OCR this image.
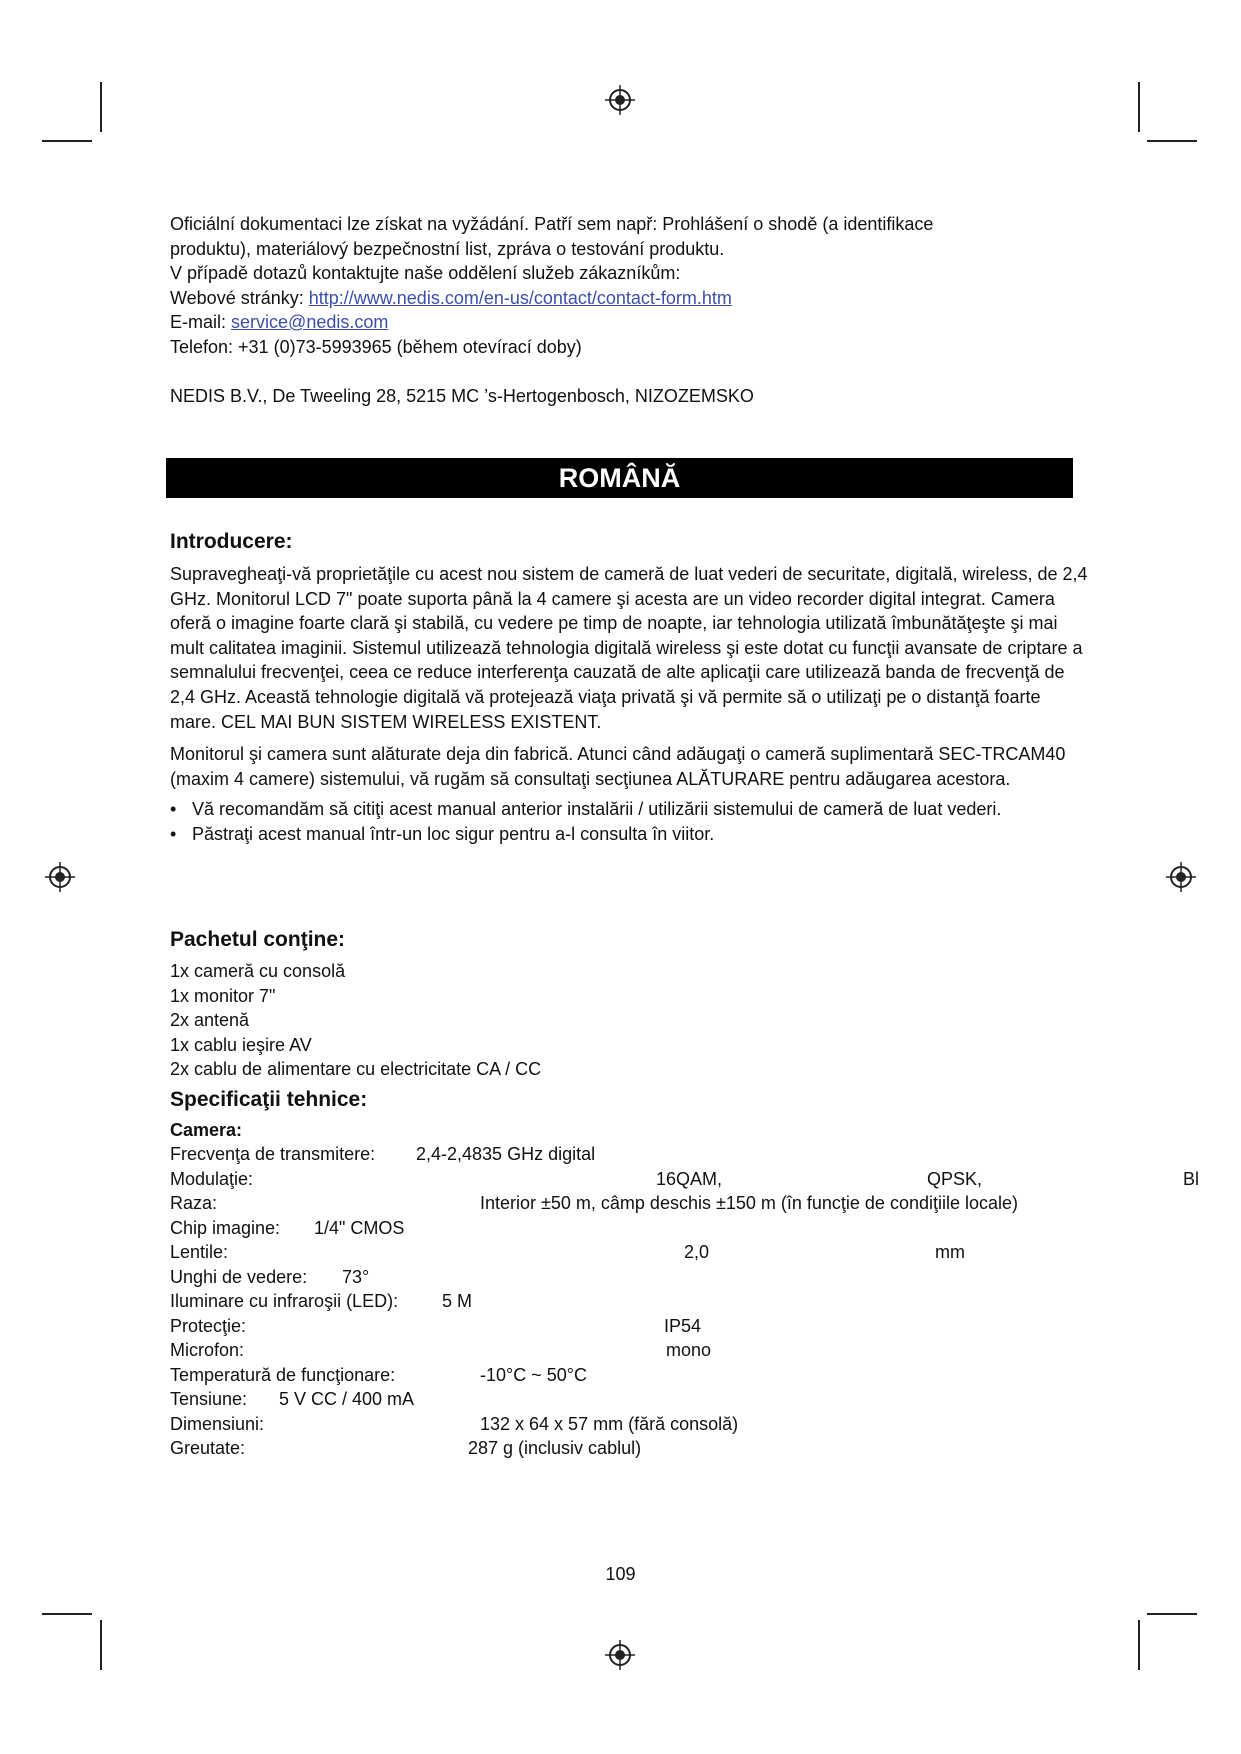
Oficiální dokumentaci lze získat na vyžádání. Patří sem např: Prohlášení o shodě (a identifikace
produktu), materiálový bezpečnostní list, zpráva o testování produktu.
V případě dotazů kontaktujte naše oddělení služeb zákazníkům:
Webové stránky: http://www.nedis.com/en-us/contact/contact-form.htm
E-mail: service@nedis.com
Telefon: +31 (0)73-5993965 (během otevírací doby)
NEDIS B.V., De Tweeling 28, 5215 MC ’s-Hertogenbosch, NIZOZEMSKO
ROMÂNĂ
Introducere:

Supravegheaţi-vă proprietăţile cu acest nou sistem de cameră de luat vederi de securitate, digitală, wireless, de 2,4 GHz. Monitorul LCD 7" poate suporta până la 4 camere şi acesta are un video recorder digital integrat. Camera oferă o imagine foarte clară şi stabilă, cu vedere pe timp de noapte, iar tehnologia utilizată îmbunătăţeşte şi mai mult calitatea imaginii. Sistemul utilizează tehnologia digitală wireless şi este dotat cu funcţii avansate de criptare a semnalului frecvenţei, ceea ce reduce interferenţa cauzată de alte aplicaţii care utilizează banda de frecvenţă de 2,4 GHz. Această tehnologie digitală vă protejează viaţa privată şi vă permite să o utilizaţi pe o distanţă foarte mare. CEL MAI BUN SISTEM WIRELESS EXISTENT.

Monitorul şi camera sunt alăturate deja din fabrică. Atunci când adăugaţi o cameră suplimentară SEC-TRCAM40 (maxim 4 camere) sistemului, vă rugăm să consultaţi secţiunea ALĂTURARE pentru adăugarea acestora.

• Vă recomandăm să citiţi acest manual anterior instalării / utilizării sistemului de cameră de luat vederi.
• Păstraţi acest manual într-un loc sigur pentru a-l consulta în viitor.
Pachetul conţine:
1x cameră cu consolă
1x monitor 7"
2x antenă
1x cablu ieşire AV
2x cablu de alimentare cu electricitate CA / CC
Specificaţii tehnice:
Camera:
Frecvenţa de transmitere: 2,4-2,4835 GHz digital
Modulaţie:	16QAM,	QPSK,	Bl
Raza:	Interior ±50 m, câmp deschis ±150 m (în funcţie de condiţiile locale)
Chip imagine: 1/4" CMOS
Lentile:	2,0	mm
Unghi de vedere: 73°
Iluminare cu infraroşii (LED): 5 M
Protecţie:	IP54
Microfon:	mono
Temperatură de funcţionare:	-10°C ~ 50°C
Tensiune: 5 V CC / 400 mA
Dimensiuni:	132 x 64 x 57 mm (fără consolă)
Greutate:	287 g (inclusiv cablul)
109
